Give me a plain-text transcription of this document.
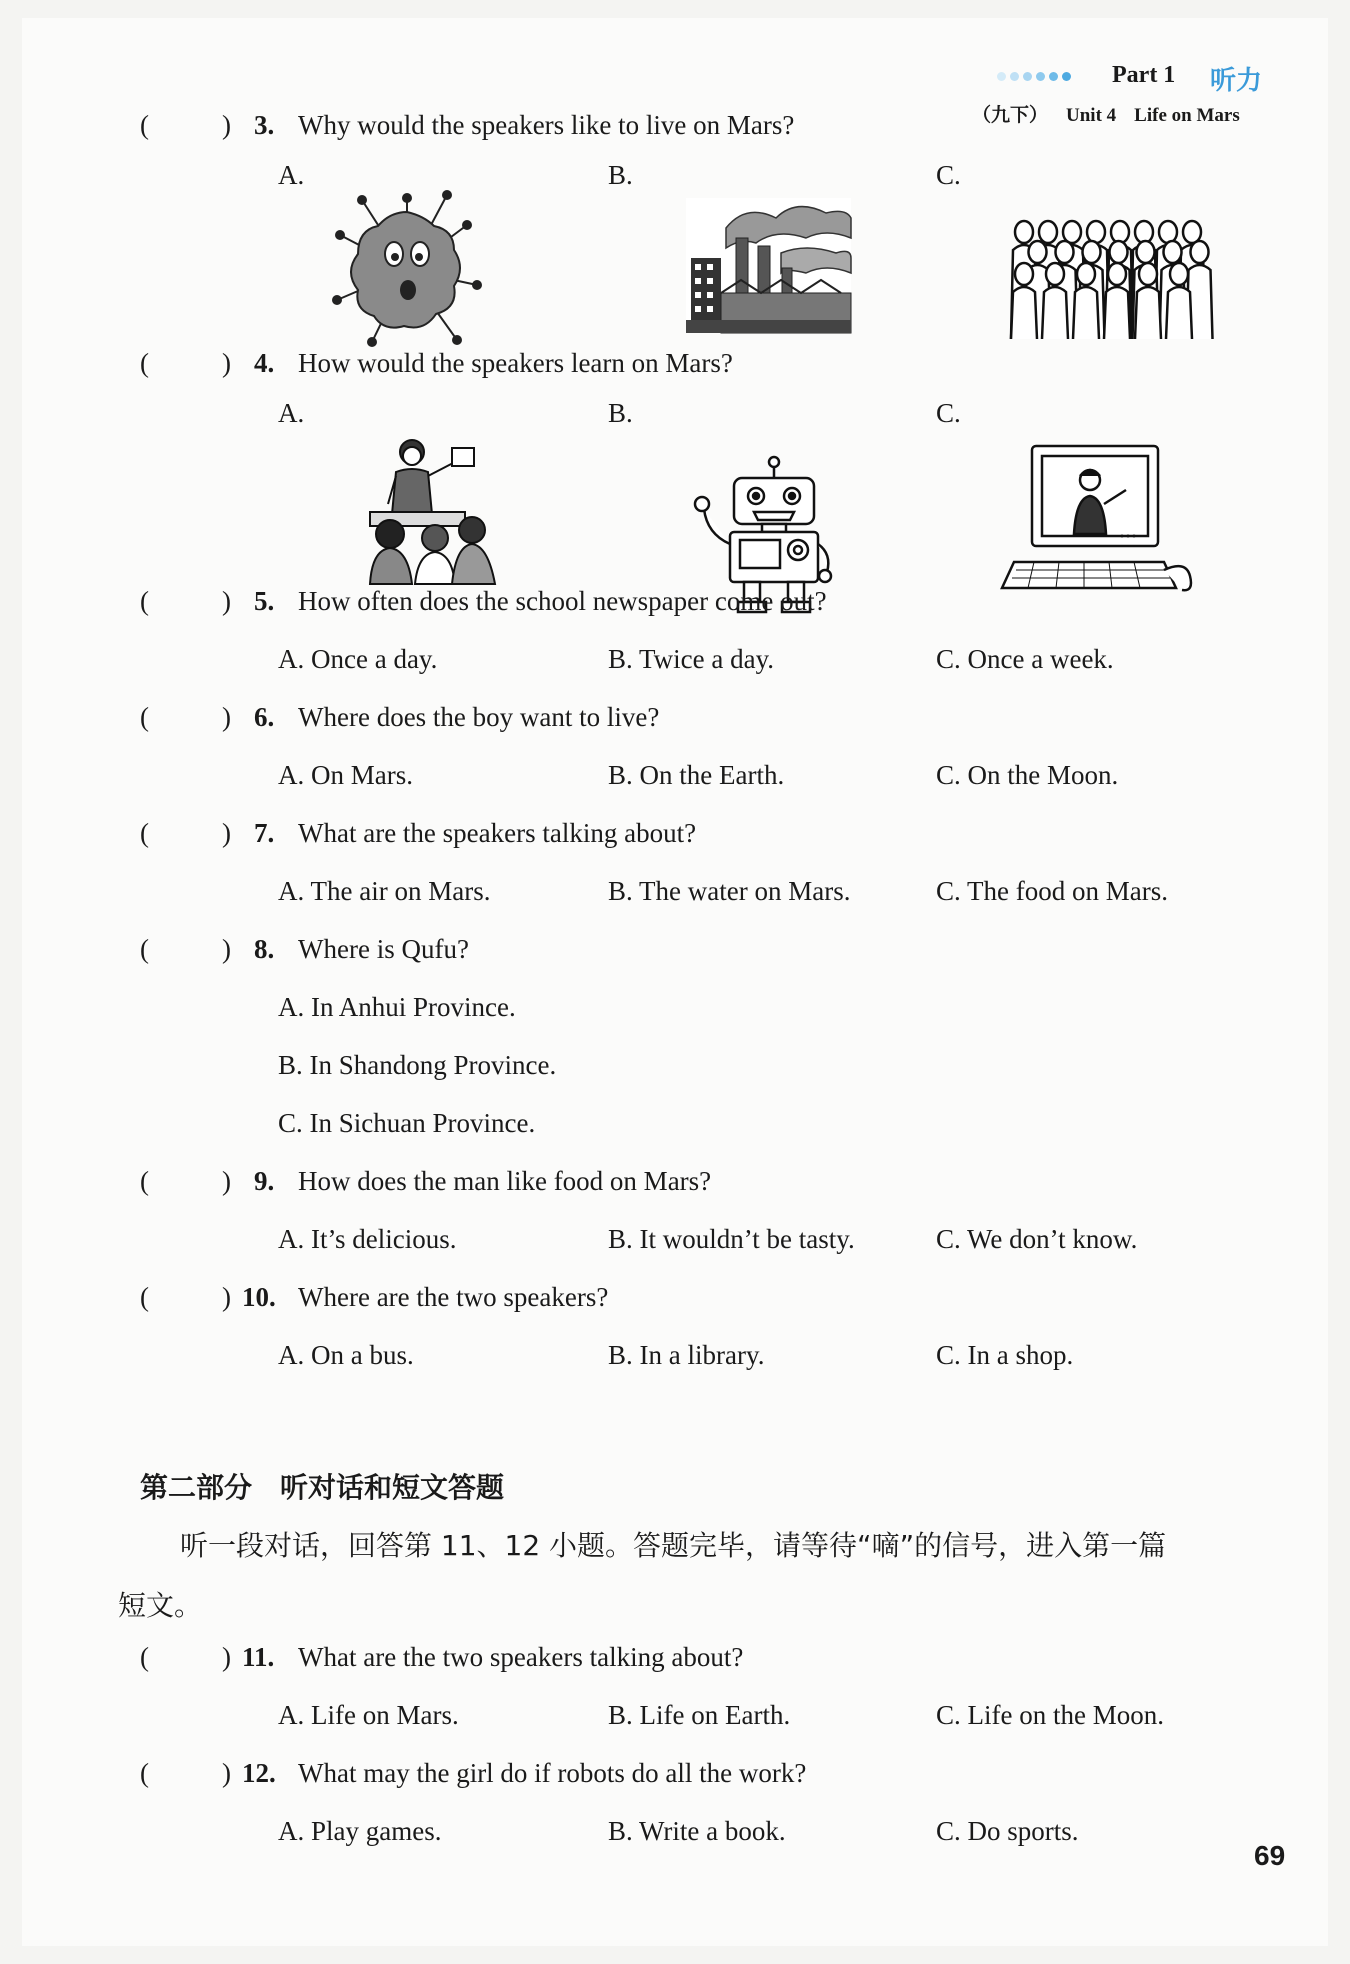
Part 1 听力
（九下） Unit 4 Life on Mars
(	) 3. Why would the speakers like to live on Mars?
A.	B.	C.
(	) 4. How would the speakers learn on Mars?
A.	B.	C.
(	) 5. How often does the school newspaper come out?
A. Once a day.	B. Twice a day.	C. Once a week.
(	) 6. Where does the boy want to live?
A. On Mars.	B. On the Earth.	C. On the Moon.
(	) 7. What are the speakers talking about?
A. The air on Mars.	B. The water on Mars.	C. The food on Mars.
(	) 8. Where is Qufu?
A. In Anhui Province.
B. In Shandong Province.
C. In Sichuan Province.
(	) 9. How does the man like food on Mars?
A. It’s delicious.	B. It wouldn’t be tasty.	C. We don’t know.
(	) 10. Where are the two speakers?
A. On a bus.	B. In a library.	C. In a shop.
第二部分 听对话和短文答题
听一段对话，回答第 11、12 小题。答题完毕，请等待“嘀”的信号，进入第一篇
短文。
(	) 11. What are the two speakers talking about?
A. Life on Mars.	B. Life on Earth.	C. Life on the Moon.
(	) 12. What may the girl do if robots do all the work?
A. Play games.	B. Write a book.	C. Do sports.
69
